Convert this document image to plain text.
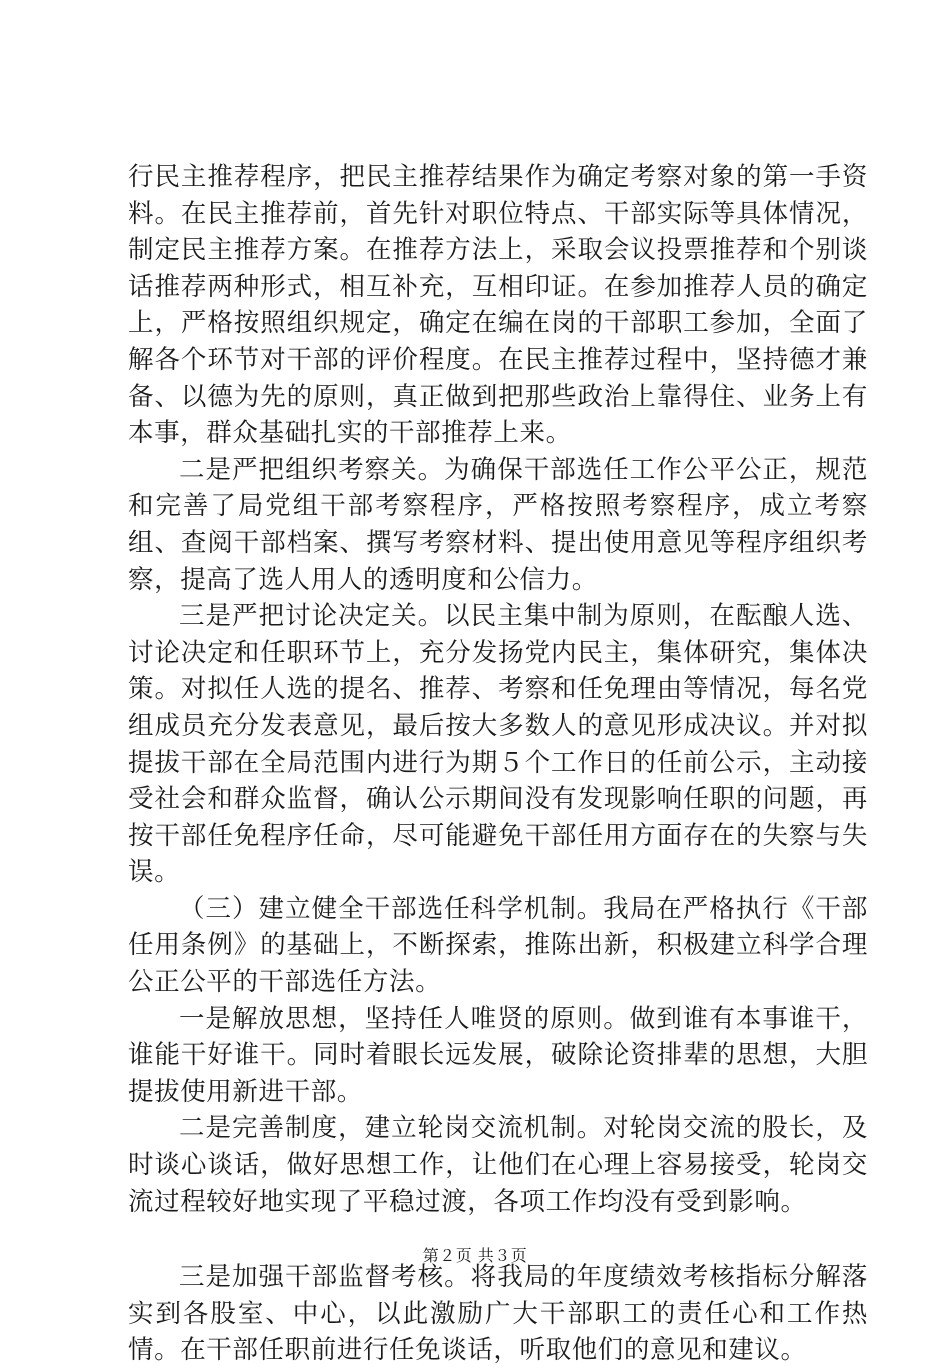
行民主推荐程序，把民主推荐结果作为确定考察对象的第一手资料。在民主推荐前，首先针对职位特点、干部实际等具体情况，制定民主推荐方案。在推荐方法上，采取会议投票推荐和个别谈话推荐两种形式，相互补充，互相印证。在参加推荐人员的确定上，严格按照组织规定，确定在编在岗的干部职工参加，全面了解各个环节对干部的评价程度。在民主推荐过程中，坚持德才兼备、以德为先的原则，真正做到把那些政治上靠得住、业务上有本事，群众基础扎实的干部推荐上来。

二是严把组织考察关。为确保干部选任工作公平公正，规范和完善了局党组干部考察程序，严格按照考察程序，成立考察组、查阅干部档案、撰写考察材料、提出使用意见等程序组织考察，提高了选人用人的透明度和公信力。

三是严把讨论决定关。以民主集中制为原则，在酝酿人选、讨论决定和任职环节上，充分发扬党内民主，集体研究，集体决策。对拟任人选的提名、推荐、考察和任免理由等情况，每名党组成员充分发表意见，最后按大多数人的意见形成决议。并对拟提拔干部在全局范围内进行为期５个工作日的任前公示，主动接受社会和群众监督，确认公示期间没有发现影响任职的问题，再按干部任免程序任命，尽可能避免干部任用方面存在的失察与失误。

（三）建立健全干部选任科学机制。我局在严格执行《干部任用条例》的基础上，不断探索，推陈出新，积极建立科学合理公正公平的干部选任方法。

一是解放思想，坚持任人唯贤的原则。做到谁有本事谁干，谁能干好谁干。同时着眼长远发展，破除论资排辈的思想，大胆提拔使用新进干部。

二是完善制度，建立轮岗交流机制。对轮岗交流的股长，及时谈心谈话，做好思想工作，让他们在心理上容易接受，轮岗交流过程较好地实现了平稳过渡，各项工作均没有受到影响。

三是加强干部监督考核。将我局的年度绩效考核指标分解落实到各股室、中心，以此激励广大干部职工的责任心和工作热情。在干部任职前进行任免谈话，听取他们的意见和建议。

第２页 共３页
